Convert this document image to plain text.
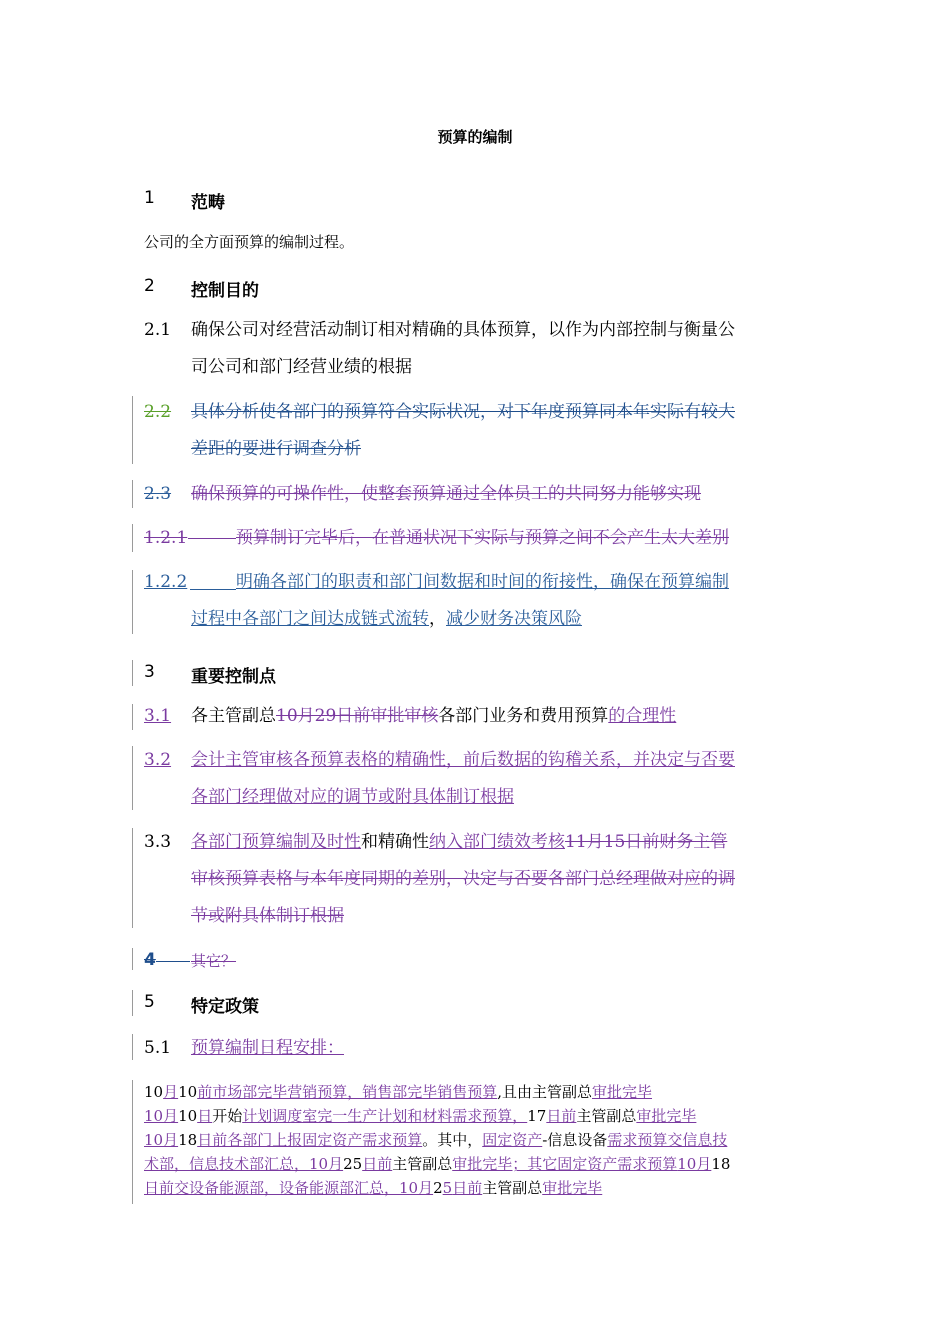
预算的编制
1 范畴
公司的全方面预算的编制过程。
2 控制目的
2.1 确保公司对经营活动制订相对精确的具体预算，以作为内部控制与衡量公
司公司和部门经营业绩的根据
2.2 具体分析使各部门的预算符合实际状况，对下年度预算同本年实际有较大
差距的要进行调查分析
2.3 确保预算的可操作性，使整套预算通过全体员工的共同努力能够实现
1.2.1	预算制订完毕后，在普通状况下实际与预算之间不会产生太大差别
1.2.2	明确各部门的职责和部门间数据和时间的衔接性，确保在预算编制
过程中各部门之间达成链式流转，减少财务决策风险
3 重要控制点
3.1 各主管副总10月29日前审批审核各部门业务和费用预算的合理性
3.2 会计主管审核各预算表格的精确性，前后数据的钩稽关系，并决定与否要
各部门经理做对应的调节或附具体制订根据
3.3 各部门预算编制及时性和精确性纳入部门绩效考核11月15日前财务主管
审核预算表格与本年度同期的差别，决定与否要各部门总经理做对应的调
节或附具体制订根据
4 其它？
5 特定政策
5.1 预算编制日程安排：
10月10前市场部完毕营销预算，销售部完毕销售预算,且由主管副总审批完毕
10月10日开始计划调度室完一生产计划和材料需求预算，17日前主管副总审批完毕
10月18日前各部门上报固定资产需求预算。其中，固定资产-信息设备需求预算交信息技
术部，信息技术部汇总，10月25日前主管副总审批完毕；其它固定资产需求预算10月18
日前交设备能源部，设备能源部汇总，10月25日前主管副总审批完毕
